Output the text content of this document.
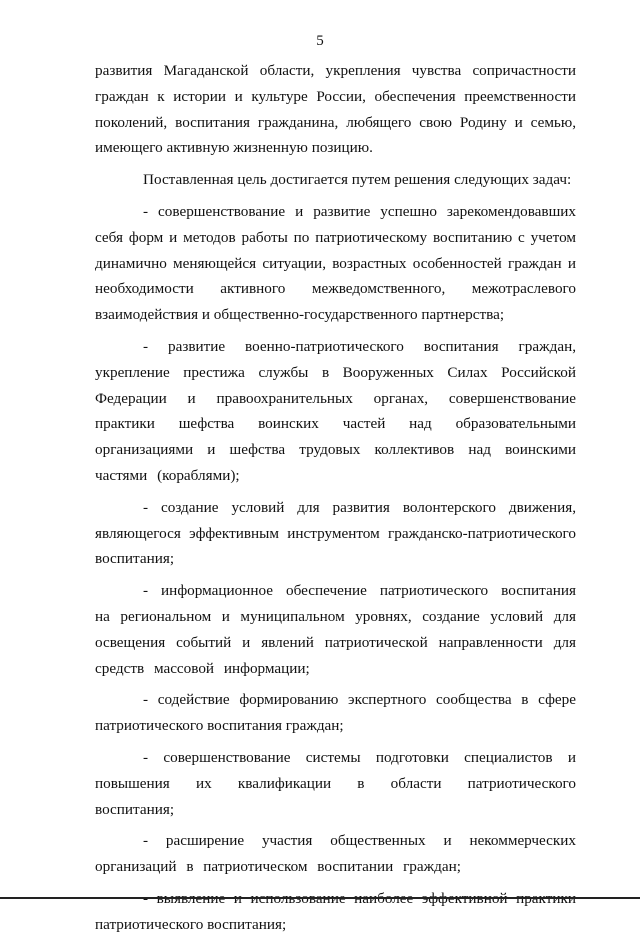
5

развития Магаданской области, укрепления чувства сопричастности граждан к истории и культуре России, обеспечения преемственности поколений, воспитания гражданина, любящего свою Родину и семью, имеющего активную жизненную позицию.

Поставленная цель достигается путем решения следующих задач:

- совершенствование и развитие успешно зарекомендовавших себя форм и методов работы по патриотическому воспитанию с учетом динамично меняющейся ситуации, возрастных особенностей граждан и необходимости активного межведомственного, межотраслевого взаимодействия и общественно-государственного партнерства;

- развитие военно-патриотического воспитания граждан, укрепление престижа службы в Вооруженных Силах Российской Федерации и правоохранительных органах, совершенствование практики шефства воинских частей над образовательными организациями и шефства трудовых коллективов над воинскими частями (кораблями);

- создание условий для развития волонтерского движения, являющегося эффективным инструментом гражданско-патриотического воспитания;

- информационное обеспечение патриотического воспитания на региональном и муниципальном уровнях, создание условий для освещения событий и явлений патриотической направленности для средств массовой информации;

- содействие формированию экспертного сообщества в сфере патриотического воспитания граждан;

- совершенствование системы подготовки специалистов и повышения их квалификации в области патриотического воспитания;

- расширение участия общественных и некоммерческих организаций в патриотическом воспитании граждан;

патриотического воспитания;
